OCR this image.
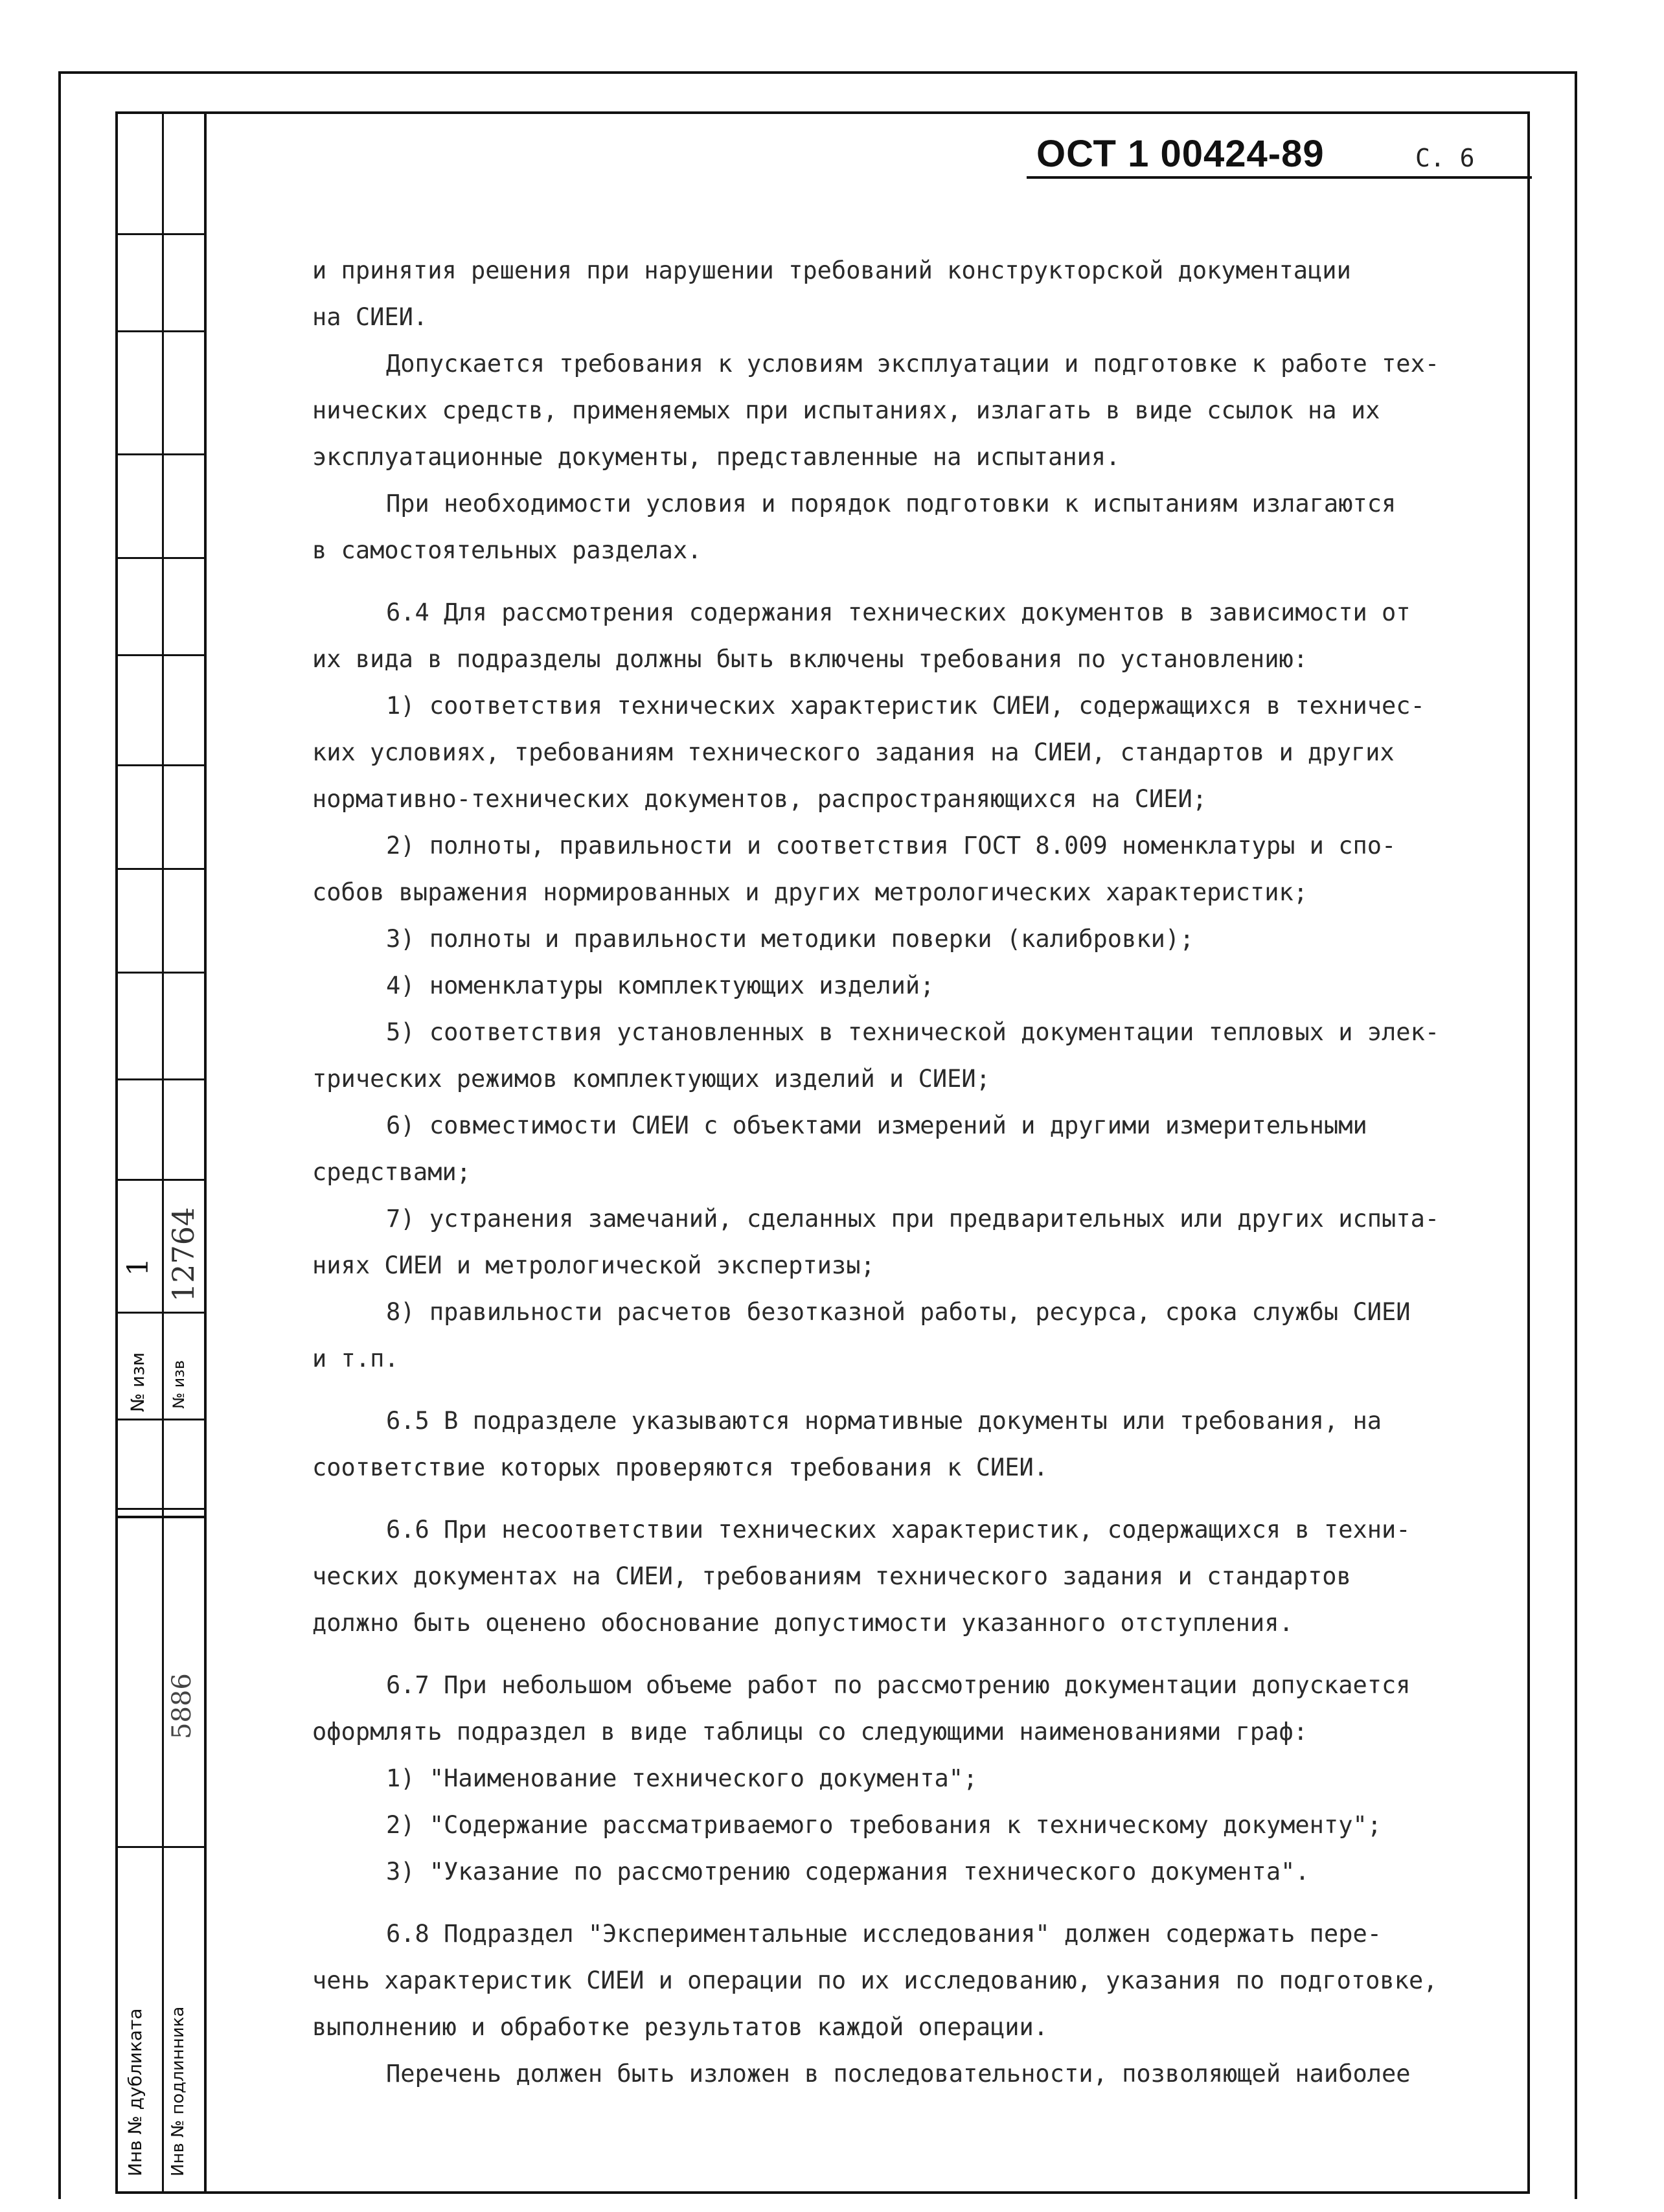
1 12764
№ изм № изв
5886
Инв № дубликата Инв № подлинника
ОСТ 1 00424-89	С. 6
и принятия решения при нарушении требований конструкторской документации
на СИЕИ.
Допускается требования к условиям эксплуатации и подготовке к работе тех-
нических средств, применяемых при испытаниях, излагать в виде ссылок на их
эксплуатационные документы, представленные на испытания.
При необходимости условия и порядок подготовки к испытаниям излагаются
в самостоятельных разделах.
6.4 Для рассмотрения содержания технических документов в зависимости от
их вида в подразделы должны быть включены требования по установлению:
1) соответствия технических характеристик СИЕИ, содержащихся в техничес-
ких условиях, требованиям технического задания на СИЕИ, стандартов и других
нормативно-технических документов, распространяющихся на СИЕИ;
2) полноты, правильности и соответствия ГОСТ 8.009 номенклатуры и спо-
собов выражения нормированных и других метрологических характеристик;
3) полноты и правильности методики поверки (калибровки);
4) номенклатуры комплектующих изделий;
5) соответствия установленных в технической документации тепловых и элек-
трических режимов комплектующих изделий и СИЕИ;
6) совместимости СИЕИ с объектами измерений и другими измерительными
средствами;
7) устранения замечаний, сделанных при предварительных или других испыта-
ниях СИЕИ и метрологической экспертизы;
8) правильности расчетов безотказной работы, ресурса, срока службы СИЕИ
и т.п.
6.5 В подразделе указываются нормативные документы или требования, на
соответствие которых проверяются требования к СИЕИ.
6.6 При несоответствии технических характеристик, содержащихся в техни-
ческих документах на СИЕИ, требованиям технического задания и стандартов
должно быть оценено обоснование допустимости указанного отступления.
6.7 При небольшом объеме работ по рассмотрению документации допускается
оформлять подраздел в виде таблицы со следующими наименованиями граф:
1) "Наименование технического документа";
2) "Содержание рассматриваемого требования к техническому документу";
3) "Указание по рассмотрению содержания технического документа".
6.8 Подраздел "Экспериментальные исследования" должен содержать пере-
чень характеристик СИЕИ и операции по их исследованию, указания по подготовке,
выполнению и обработке результатов каждой операции.
Перечень должен быть изложен в последовательности, позволяющей наиболее
